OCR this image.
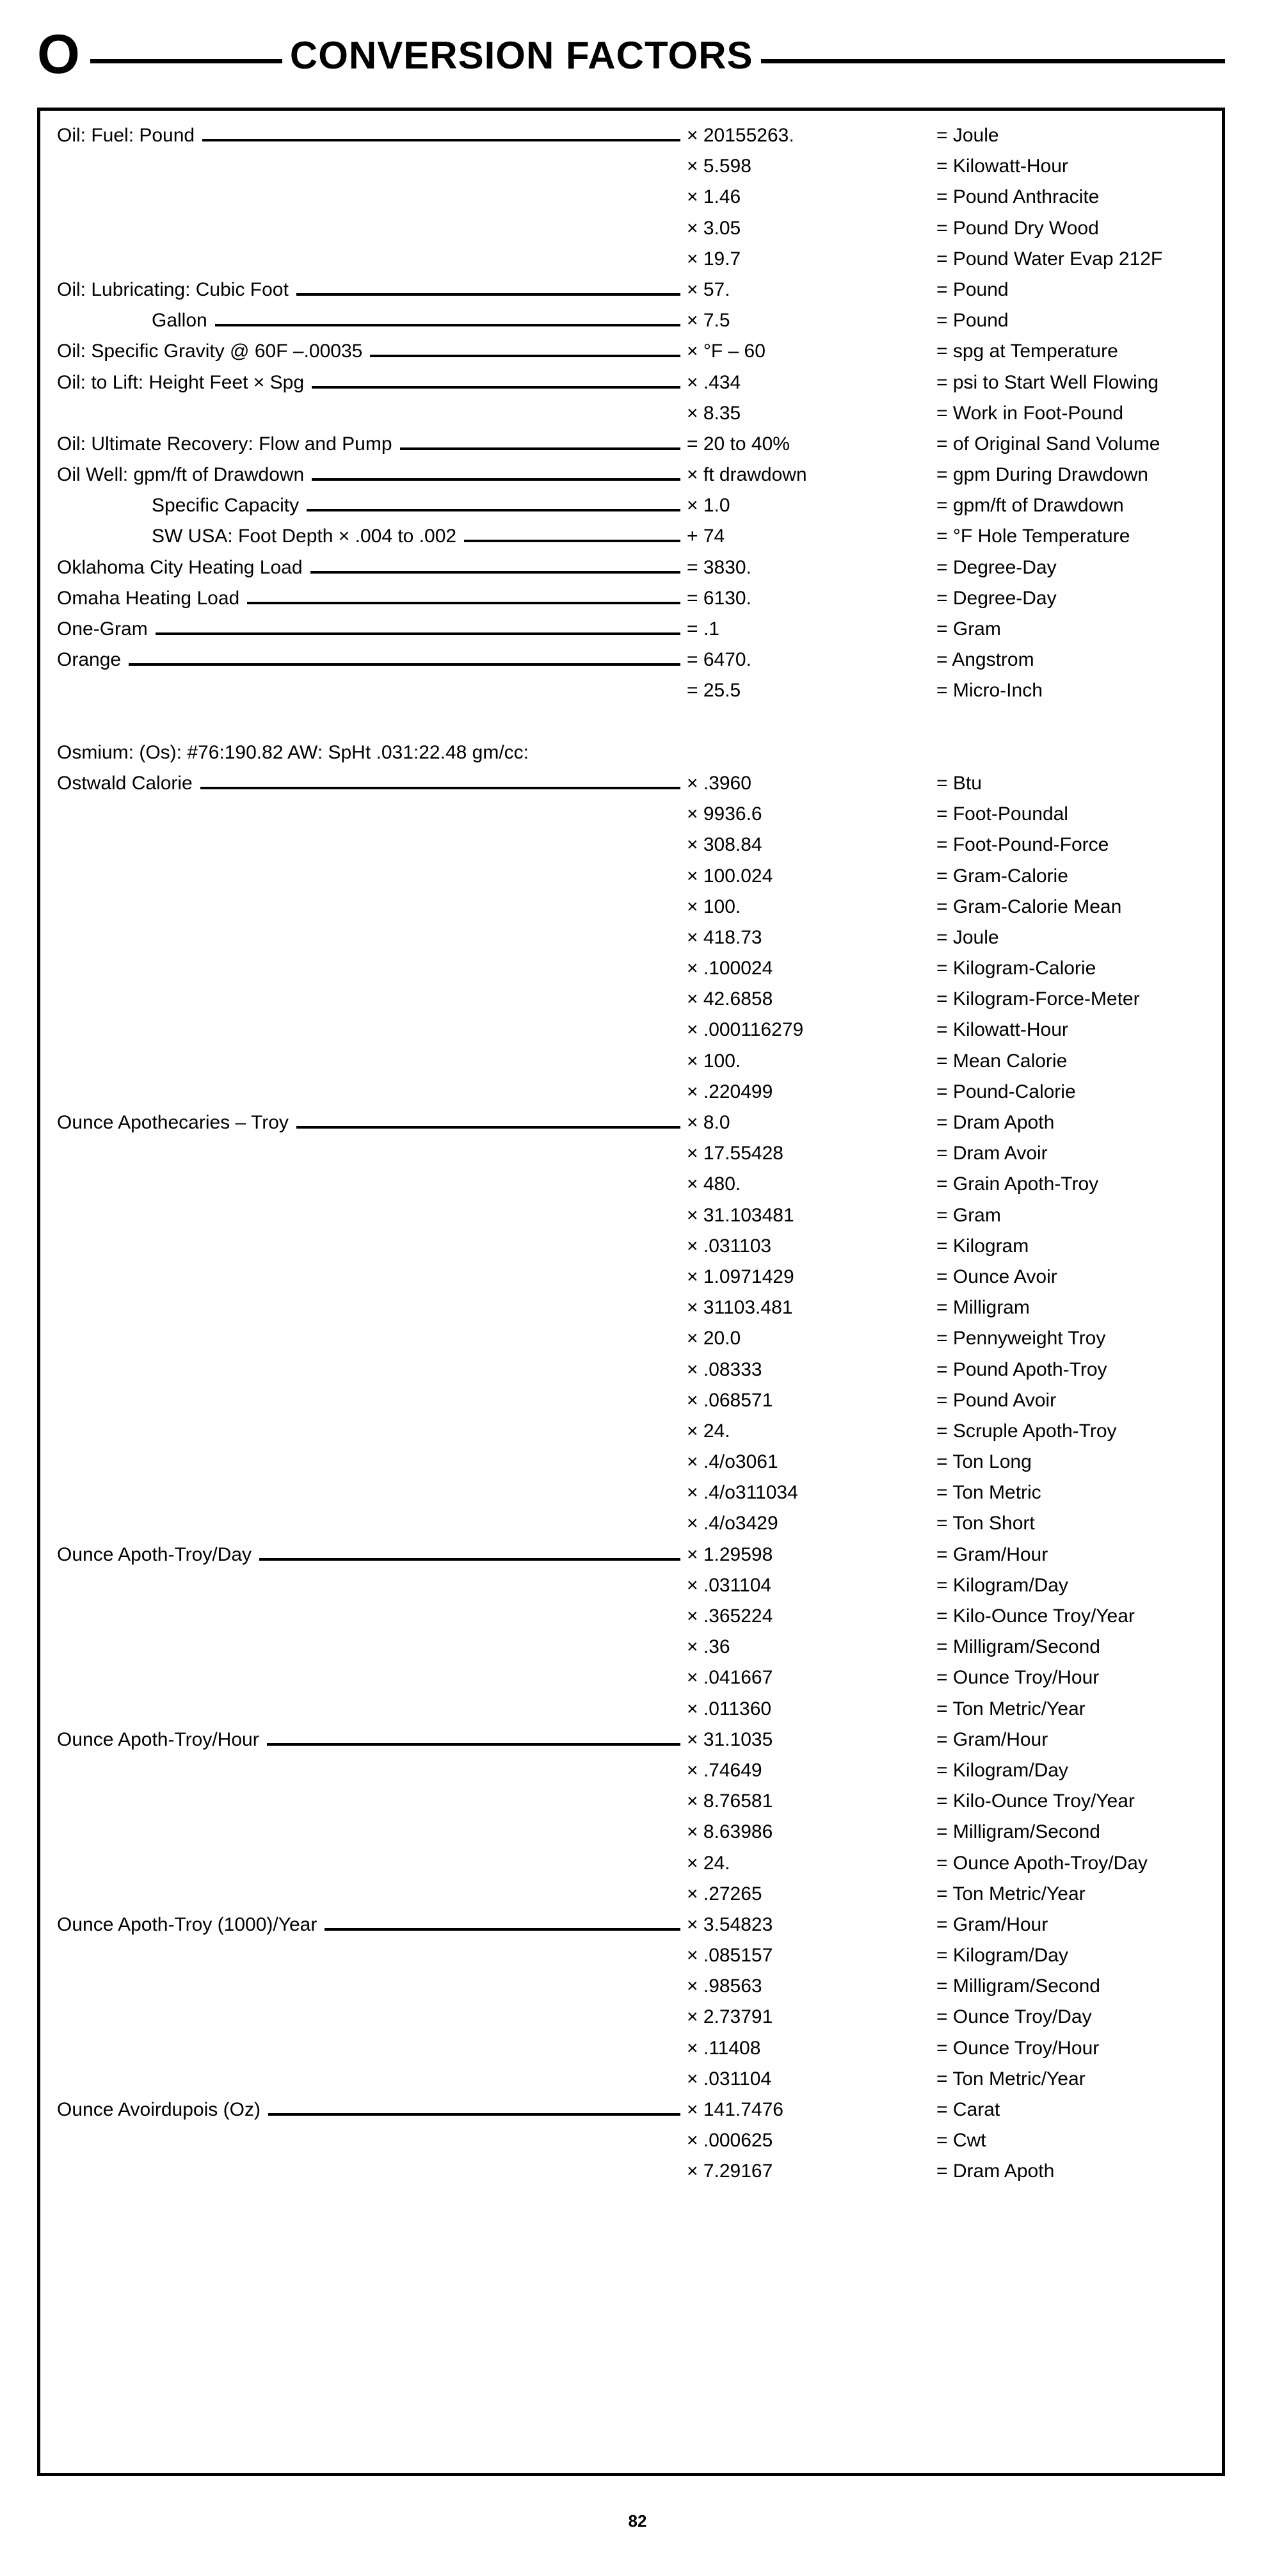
O	CONVERSION FACTORS
Oil: Fuel: Pound	× 20155263.	= Joule
× 5.598	= Kilowatt-Hour
× 1.46	= Pound Anthracite
× 3.05	= Pound Dry Wood
× 19.7	= Pound Water Evap 212F
Oil: Lubricating: Cubic Foot	× 57.	= Pound
Gallon	× 7.5	= Pound
Oil: Specific Gravity @ 60F –.00035	× °F – 60	= spg at Temperature
Oil: to Lift: Height Feet × Spg	× .434	= psi to Start Well Flowing
× 8.35	= Work in Foot-Pound
Oil: Ultimate Recovery: Flow and Pump	= 20 to 40%	= of Original Sand Volume
Oil Well: gpm/ft of Drawdown	× ft drawdown	= gpm During Drawdown
Specific Capacity	× 1.0	= gpm/ft of Drawdown
SW USA: Foot Depth × .004 to .002	+ 74	= °F Hole Temperature
Oklahoma City Heating Load	= 3830.	= Degree-Day
Omaha Heating Load	= 6130.	= Degree-Day
One-Gram	= .1	= Gram
Orange	= 6470.	= Angstrom
= 25.5	= Micro-Inch
Osmium: (Os): #76:190.82 AW: SpHt .031:22.48 gm/cc:
Ostwald Calorie	× .3960	= Btu
× 9936.6	= Foot-Poundal
× 308.84	= Foot-Pound-Force
× 100.024	= Gram-Calorie
× 100.	= Gram-Calorie Mean
× 418.73	= Joule
× .100024	= Kilogram-Calorie
× 42.6858	= Kilogram-Force-Meter
× .000116279	= Kilowatt-Hour
× 100.	= Mean Calorie
× .220499	= Pound-Calorie
Ounce Apothecaries – Troy	× 8.0	= Dram Apoth
× 17.55428	= Dram Avoir
× 480.	= Grain Apoth-Troy
× 31.103481	= Gram
× .031103	= Kilogram
× 1.0971429	= Ounce Avoir
× 31103.481	= Milligram
× 20.0	= Pennyweight Troy
× .08333	= Pound Apoth-Troy
× .068571	= Pound Avoir
× 24.	= Scruple Apoth-Troy
× .4/o3061	= Ton Long
× .4/o311034	= Ton Metric
× .4/o3429	= Ton Short
Ounce Apoth-Troy/Day	× 1.29598	= Gram/Hour
× .031104	= Kilogram/Day
× .365224	= Kilo-Ounce Troy/Year
× .36	= Milligram/Second
× .041667	= Ounce Troy/Hour
× .011360	= Ton Metric/Year
Ounce Apoth-Troy/Hour	× 31.1035	= Gram/Hour
× .74649	= Kilogram/Day
× 8.76581	= Kilo-Ounce Troy/Year
× 8.63986	= Milligram/Second
× 24.	= Ounce Apoth-Troy/Day
× .27265	= Ton Metric/Year
Ounce Apoth-Troy (1000)/Year	× 3.54823	= Gram/Hour
× .085157	= Kilogram/Day
× .98563	= Milligram/Second
× 2.73791	= Ounce Troy/Day
× .11408	= Ounce Troy/Hour
× .031104	= Ton Metric/Year
Ounce Avoirdupois (Oz)	× 141.7476	= Carat
× .000625	= Cwt
× 7.29167	= Dram Apoth
82
